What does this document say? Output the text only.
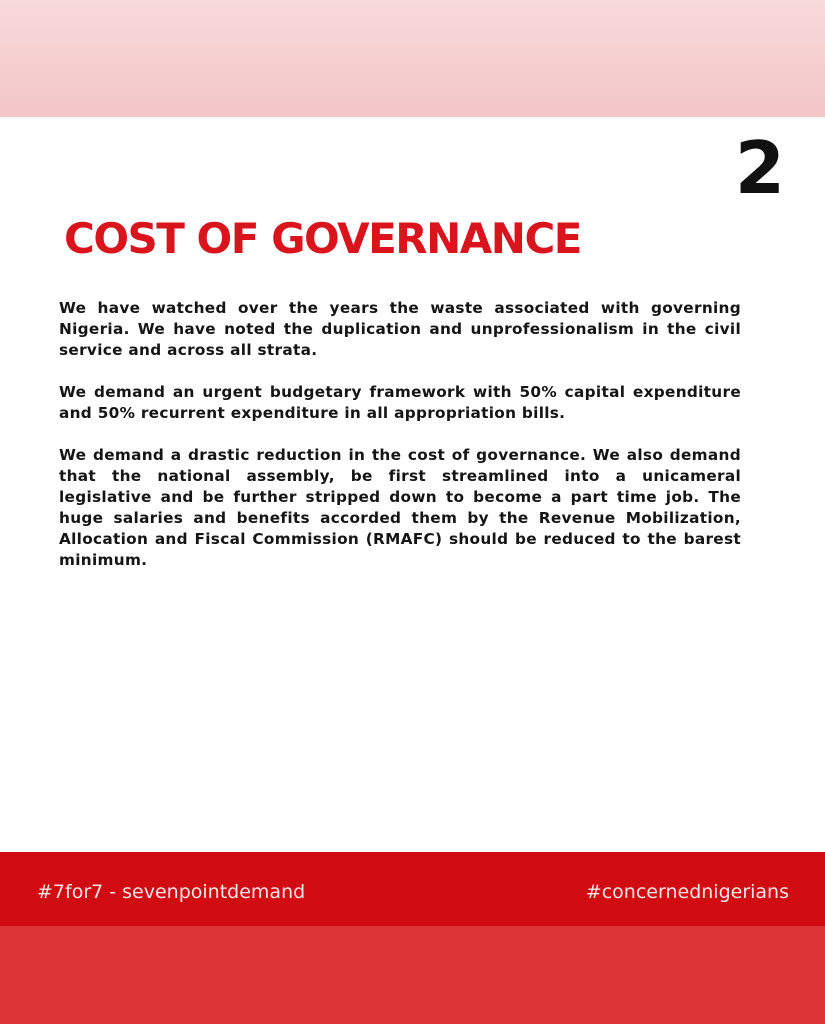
2
COST OF GOVERNANCE

We have watched over the years the waste associated with governing Nigeria. We have noted the duplication and unprofessionalism in the civil service and across all strata.

We demand an urgent budgetary framework with 50% capital expenditure and 50% recurrent expenditure in all appropriation bills.

We demand a drastic reduction in the cost of governance. We also demand that the national assembly, be first streamlined into a unicameral legislative and be further stripped down to become a part time job. The huge salaries and benefits accorded them by the Revenue Mobilization, Allocation and Fiscal Commission (RMAFC) should be reduced to the barest minimum.

#7for7 - sevenpointdemand	#concernednigerians
